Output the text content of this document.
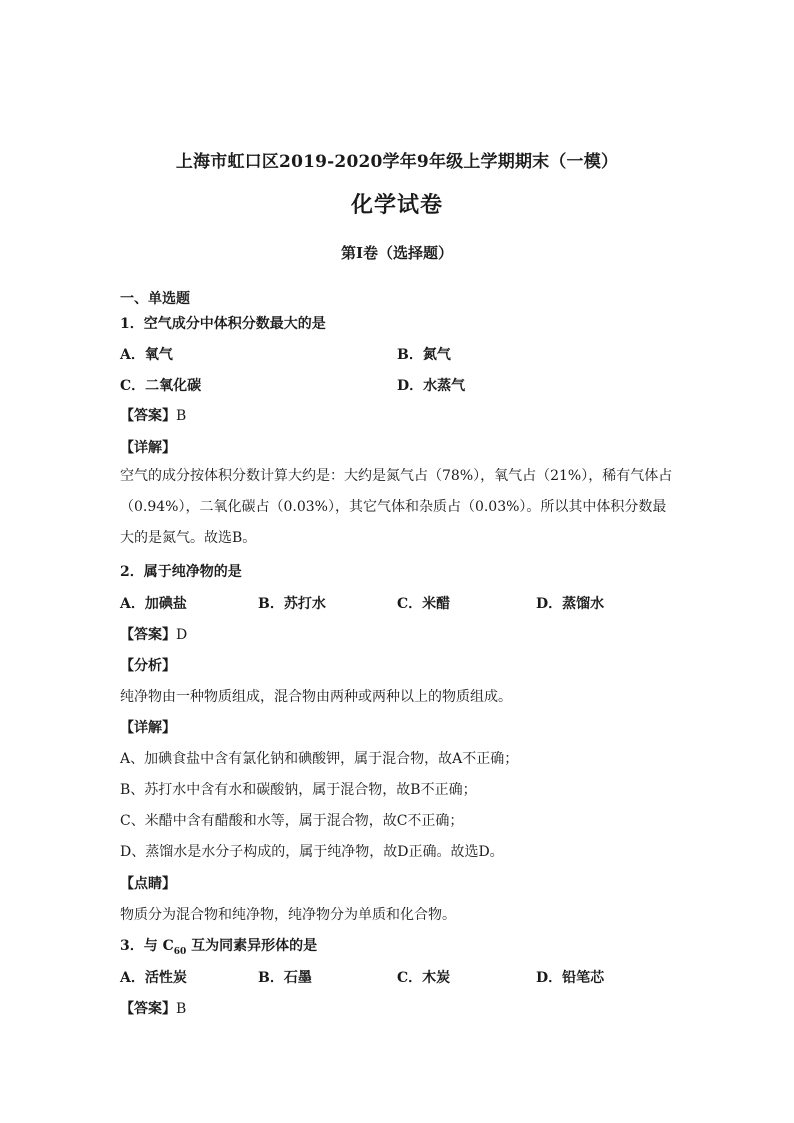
上海市虹口区2019-2020学年9年级上学期期末（一模）
化学试卷
第I卷（选择题）
一、单选题
1．空气成分中体积分数最大的是
A．氧气	B．氮气
C．二氧化碳	D．水蒸气
【答案】B
【详解】
空气的成分按体积分数计算大约是：大约是氮气占（78%），氧气占（21%），稀有气体占（0.94%），二氧化碳占（0.03%），其它气体和杂质占（0.03%）。所以其中体积分数最大的是氮气。故选B。
2．属于纯净物的是
A．加碘盐	B．苏打水	C．米醋	D．蒸馏水
【答案】D
【分析】
纯净物由一种物质组成，混合物由两种或两种以上的物质组成。
【详解】
A、加碘食盐中含有氯化钠和碘酸钾，属于混合物，故A不正确；
B、苏打水中含有水和碳酸钠，属于混合物，故B不正确；
C、米醋中含有醋酸和水等，属于混合物，故C不正确；
D、蒸馏水是水分子构成的，属于纯净物，故D正确。故选D。
【点睛】
物质分为混合物和纯净物，纯净物分为单质和化合物。
3．与 $C_{60}$ 互为同素异形体的是
A．活性炭	B．石墨	C．木炭	D．铅笔芯
【答案】B
